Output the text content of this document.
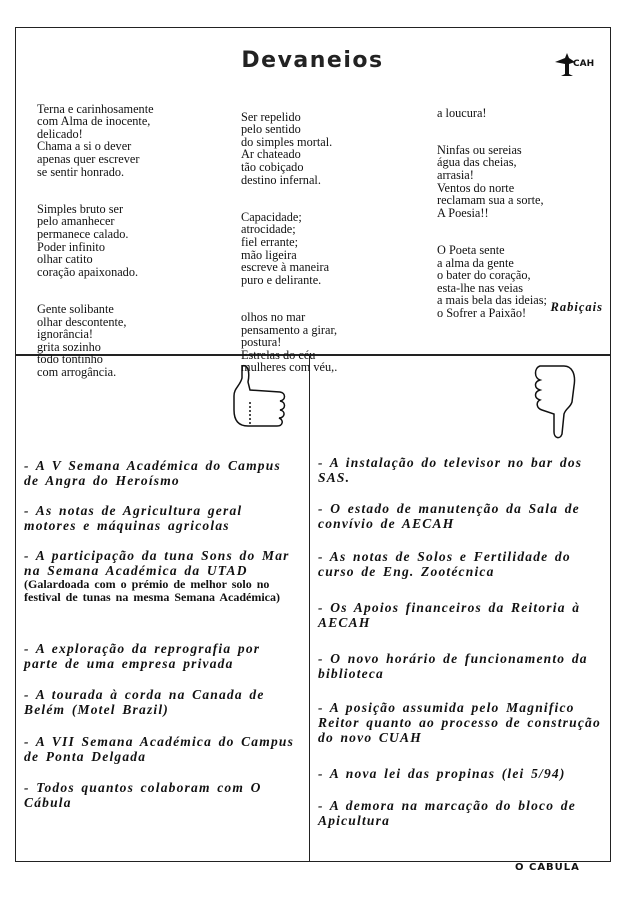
Devaneios	CAH

Terna e carinhosamente
com Alma de inocente,
delicado!
Chama a si o dever
apenas quer escrever
se sentir honrado.

Simples bruto ser
pelo amanhecer
permanece calado.
Poder infinito
olhar catito
coração apaixonado.

Gente solibante
olhar descontente,
ignorância!
grita sozinho
todo tontinho
com arrogância.

Ser repelido
pelo sentido
do simples mortal.
Ar chateado
tão cobiçado
destino infernal.

Capacidade;
atrocidade;
fiel errante;
mão ligeira
escreve à maneira
puro e delirante.

olhos no mar
pensamento a girar,
postura!
Estrelas do céu
mulheres com véu,.

a loucura!

Ninfas ou sereias
água das cheias,
arrasia!
Ventos do norte
reclamam sua a sorte,
A Poesia!!

O Poeta sente
a alma da gente
o bater do coração,
esta-lhe nas veias
a mais bela das ideias;
o Sofrer a Paixão!	Rabiçais
- A V Semana Académica do Campus de Angra do Heroísmo
- As notas de Agricultura geral motores e máquinas agricolas
- A participação da tuna Sons do Mar na Semana Académica da UTAD
(Galardoada com o prémio de melhor solo no festival de tunas na mesma Semana Académica)
- A exploração da reprografia por parte de uma empresa privada
- A tourada à corda na Canada de Belém (Motel Brazil)
- A VII Semana Académica do Campus de Ponta Delgada
- Todos quantos colaboram com O Cábula
- A instalação do televisor no bar dos SAS.
- O estado de manutenção da Sala de convívio de AECAH
- As notas de Solos e Fertilidade do curso de Eng. Zootécnica
- Os Apoios financeiros da Reitoria à AECAH
- O novo horário de funcionamento da biblioteca
- A posição assumida pelo Magnifico Reitor quanto ao processo de construção do novo CUAH
- A nova lei das propinas (lei 5/94)
- A demora na marcação do bloco de Apicultura
O CÁBULA
